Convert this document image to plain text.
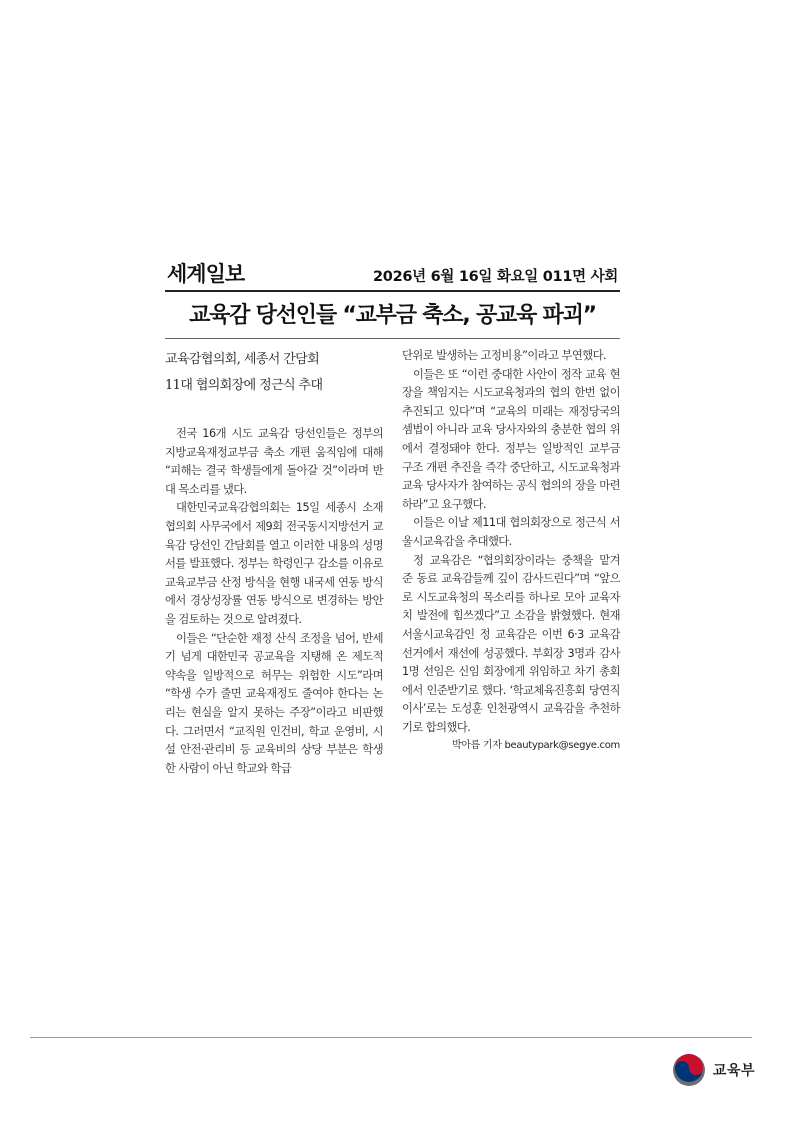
세계일보	2026년 6월 16일 화요일 011면 사회
교육감 당선인들 “교부금 축소, 공교육 파괴”
교육감협의회, 세종서 간담회
11대 협의회장에 정근식 추대

전국 16개 시도 교육감 당선인들은 정부의 지방교육재정교부금 축소 개편 움직임에 대해 “피해는 결국 학생들에게 돌아갈 것”이라며 반대 목소리를 냈다.

대한민국교육감협의회는 15일 세종시 소재 협의회 사무국에서 제9회 전국동시지방선거 교육감 당선인 간담회를 열고 이러한 내용의 성명서를 발표했다. 정부는 학령인구 감소를 이유로 교육교부금 산정 방식을 현행 내국세 연동 방식에서 경상성장률 연동 방식으로 변경하는 방안을 검토하는 것으로 알려졌다.

이들은 “단순한 재정 산식 조정을 넘어, 반세기 넘게 대한민국 공교육을 지탱해 온 제도적 약속을 일방적으로 허무는 위험한 시도”라며 “학생 수가 줄면 교육재정도 줄여야 한다는 논리는 현실을 알지 못하는 주장”이라고 비판했다. 그러면서 “교직원 인건비, 학교 운영비, 시설 안전·관리비 등 교육비의 상당 부분은 학생 한 사람이 아닌 학교와 학급

단위로 발생하는 고정비용”이라고 부연했다.

이들은 또 “이런 중대한 사안이 정작 교육 현장을 책임지는 시도교육청과의 협의 한번 없이 추진되고 있다”며 “교육의 미래는 재정당국의 셈법이 아니라 교육 당사자와의 충분한 협의 위에서 결정돼야 한다. 정부는 일방적인 교부금 구조 개편 추진을 즉각 중단하고, 시도교육청과 교육 당사자가 참여하는 공식 협의의 장을 마련하라”고 요구했다.

이들은 이날 제11대 협의회장으로 정근식 서울시교육감을 추대했다.

정 교육감은 “협의회장이라는 중책을 맡겨 준 동료 교육감들께 깊이 감사드린다”며 “앞으로 시도교육청의 목소리를 하나로 모아 교육자치 발전에 힘쓰겠다”고 소감을 밝혔했다. 현재 서울시교육감인 정 교육감은 이번 6·3 교육감 선거에서 재선에 성공했다. 부회장 3명과 감사 1명 선임은 신임 회장에게 위임하고 차기 총회에서 인준받기로 했다. ‘학교체육진흥회 당연직 이사’로는 도성훈 인천광역시 교육감을 추천하기로 합의했다.

박아름 기자 beautypark@segye.com

교육부
